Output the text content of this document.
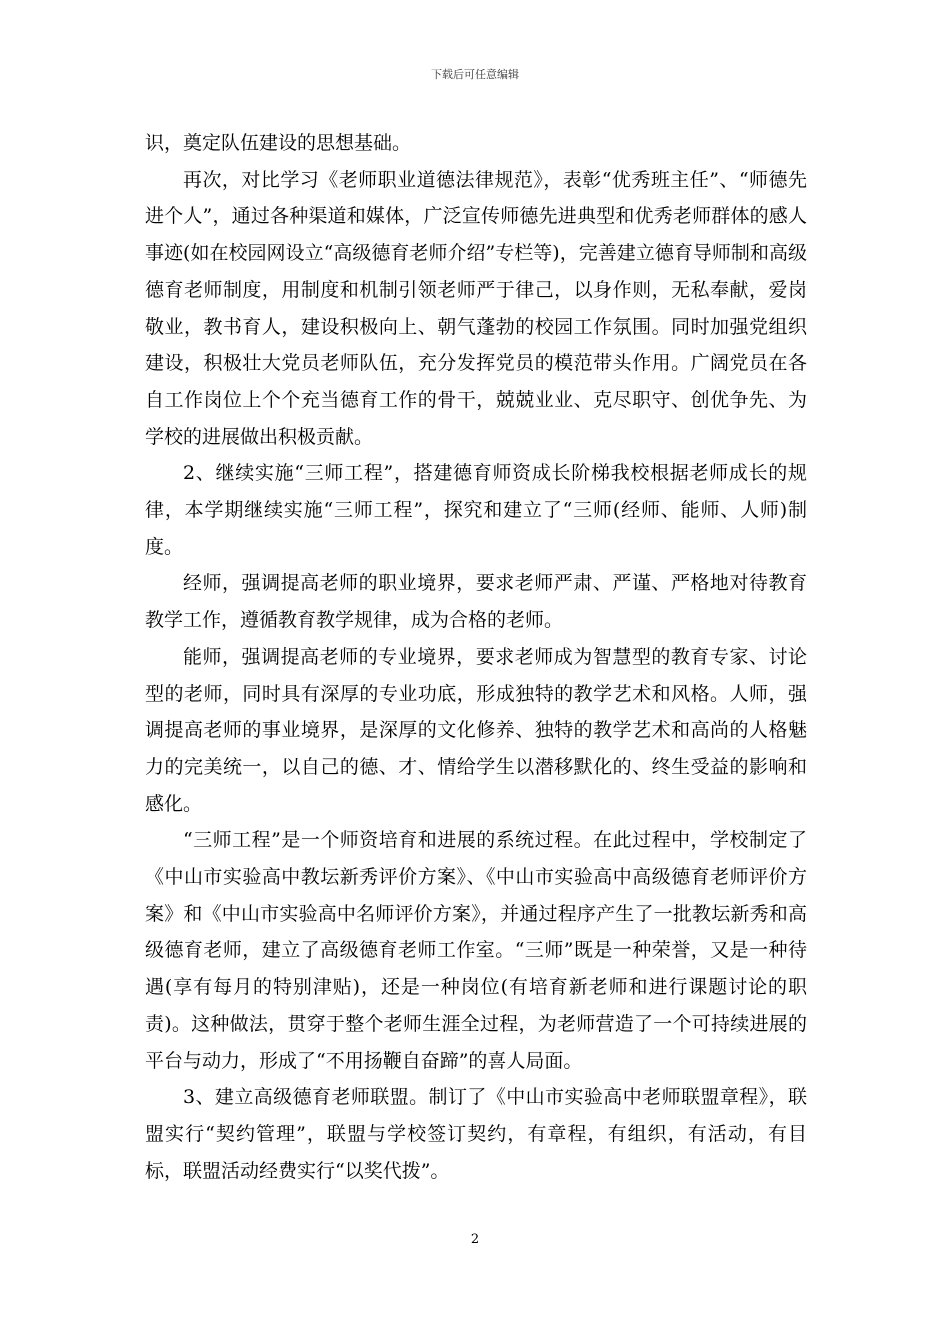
下载后可任意编辑

识，奠定队伍建设的思想基础。

再次，对比学习《老师职业道德法律规范》，表彰“优秀班主任”、“师德先进个人”，通过各种渠道和媒体，广泛宣传师德先进典型和优秀老师群体的感人事迹(如在校园网设立“高级德育老师介绍”专栏等)，完善建立德育导师制和高级德育老师制度，用制度和机制引领老师严于律己，以身作则，无私奉献，爱岗敬业，教书育人，建设积极向上、朝气蓬勃的校园工作氛围。同时加强党组织建设，积极壮大党员老师队伍，充分发挥党员的模范带头作用。广阔党员在各自工作岗位上个个充当德育工作的骨干，兢兢业业、克尽职守、创优争先、为学校的进展做出积极贡献。

2、继续实施“三师工程”，搭建德育师资成长阶梯我校根据老师成长的规律，本学期继续实施“三师工程”，探究和建立了“三师(经师、能师、人师)制度。

经师，强调提高老师的职业境界，要求老师严肃、严谨、严格地对待教育教学工作，遵循教育教学规律，成为合格的老师。

能师，强调提高老师的专业境界，要求老师成为智慧型的教育专家、讨论型的老师，同时具有深厚的专业功底，形成独特的教学艺术和风格。人师，强调提高老师的事业境界，是深厚的文化修养、独特的教学艺术和高尚的人格魅力的完美统一，以自己的德、才、情给学生以潜移默化的、终生受益的影响和感化。

“三师工程”是一个师资培育和进展的系统过程。在此过程中，学校制定了《中山市实验高中教坛新秀评价方案》、《中山市实验高中高级德育老师评价方案》和《中山市实验高中名师评价方案》，并通过程序产生了一批教坛新秀和高级德育老师，建立了高级德育老师工作室。“三师”既是一种荣誉，又是一种待遇(享有每月的特别津贴)，还是一种岗位(有培育新老师和进行课题讨论的职责)。这种做法，贯穿于整个老师生涯全过程，为老师营造了一个可持续进展的平台与动力，形成了“不用扬鞭自奋蹄”的喜人局面。

3、建立高级德育老师联盟。制订了《中山市实验高中老师联盟章程》，联盟实行“契约管理”，联盟与学校签订契约，有章程，有组织，有活动，有目标，联盟活动经费实行“以奖代拨”。

2
